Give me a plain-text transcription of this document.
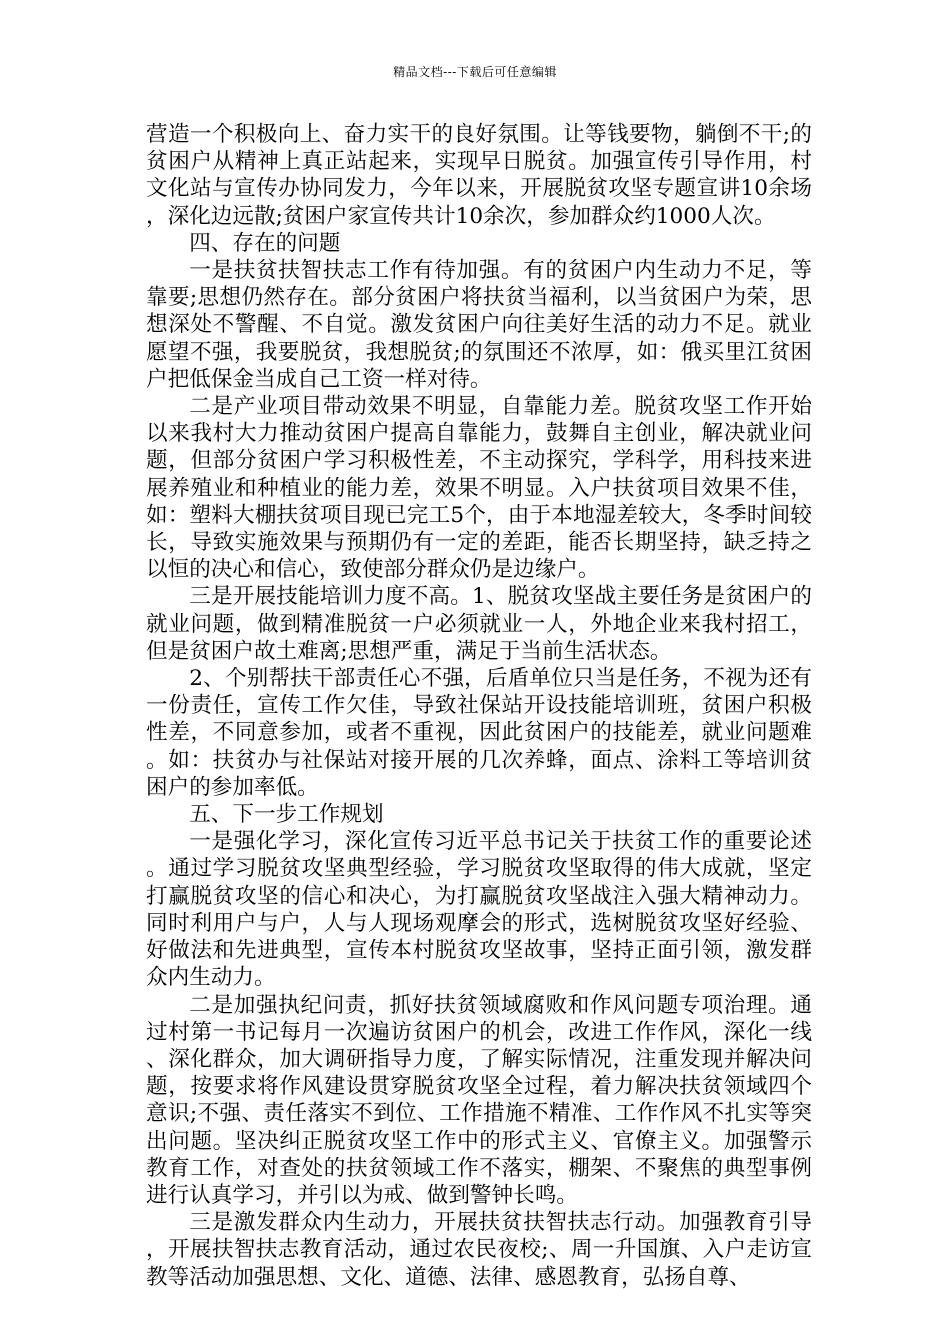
精品文档---下载后可任意编辑

营造一个积极向上、奋力实干的良好氛围。让等钱要物，躺倒不干;的贫困户从精神上真正站起来，实现早日脱贫。加强宣传引导作用，村文化站与宣传办协同发力，今年以来，开展脱贫攻坚专题宣讲10余场，深化边远散;贫困户家宣传共计10余次，参加群众约1000人次。

四、存在的问题

一是扶贫扶智扶志工作有待加强。有的贫困户内生动力不足，等靠要;思想仍然存在。部分贫困户将扶贫当福利，以当贫困户为荣，思想深处不警醒、不自觉。激发贫困户向往美好生活的动力不足。就业愿望不强，我要脱贫，我想脱贫;的氛围还不浓厚，如：俄买里江贫困户把低保金当成自己工资一样对待。

二是产业项目带动效果不明显，自靠能力差。脱贫攻坚工作开始以来我村大力推动贫困户提高自靠能力，鼓舞自主创业，解决就业问题，但部分贫困户学习积极性差，不主动探究，学科学，用科技来进展养殖业和种植业的能力差，效果不明显。入户扶贫项目效果不佳，如：塑料大棚扶贫项目现已完工5个，由于本地湿差较大，冬季时间较长，导致实施效果与预期仍有一定的差距，能否长期坚持，缺乏持之以恒的决心和信心，致使部分群众仍是边缘户。

三是开展技能培训力度不高。1、脱贫攻坚战主要任务是贫困户的就业问题，做到精准脱贫一户必须就业一人，外地企业来我村招工，但是贫困户故土难离;思想严重，满足于当前生活状态。

2、个别帮扶干部责任心不强，后盾单位只当是任务，不视为还有一份责任，宣传工作欠佳，导致社保站开设技能培训班，贫困户积极性差，不同意参加，或者不重视，因此贫困户的技能差，就业问题难。如：扶贫办与社保站对接开展的几次养蜂，面点、涂料工等培训贫困户的参加率低。

五、下一步工作规划

一是强化学习，深化宣传习近平总书记关于扶贫工作的重要论述。通过学习脱贫攻坚典型经验，学习脱贫攻坚取得的伟大成就，坚定打赢脱贫攻坚的信心和决心，为打赢脱贫攻坚战注入强大精神动力。同时利用户与户，人与人现场观摩会的形式，选树脱贫攻坚好经验、好做法和先进典型，宣传本村脱贫攻坚故事，坚持正面引领，激发群众内生动力。

二是加强执纪问责，抓好扶贫领域腐败和作风问题专项治理。通过村第一书记每月一次遍访贫困户的机会，改进工作作风，深化一线、深化群众，加大调研指导力度，了解实际情况，注重发现并解决问题，按要求将作风建设贯穿脱贫攻坚全过程，着力解决扶贫领域四个意识;不强、责任落实不到位、工作措施不精准、工作作风不扎实等突出问题。坚决纠正脱贫攻坚工作中的形式主义、官僚主义。加强警示教育工作，对查处的扶贫领域工作不落实，棚架、不聚焦的典型事例进行认真学习，并引以为戒、做到警钟长鸣。

三是激发群众内生动力，开展扶贫扶智扶志行动。加强教育引导，开展扶智扶志教育活动，通过农民夜校;、周一升国旗、入户走访宣教等活动加强思想、文化、道德、法律、感恩教育，弘扬自尊、
